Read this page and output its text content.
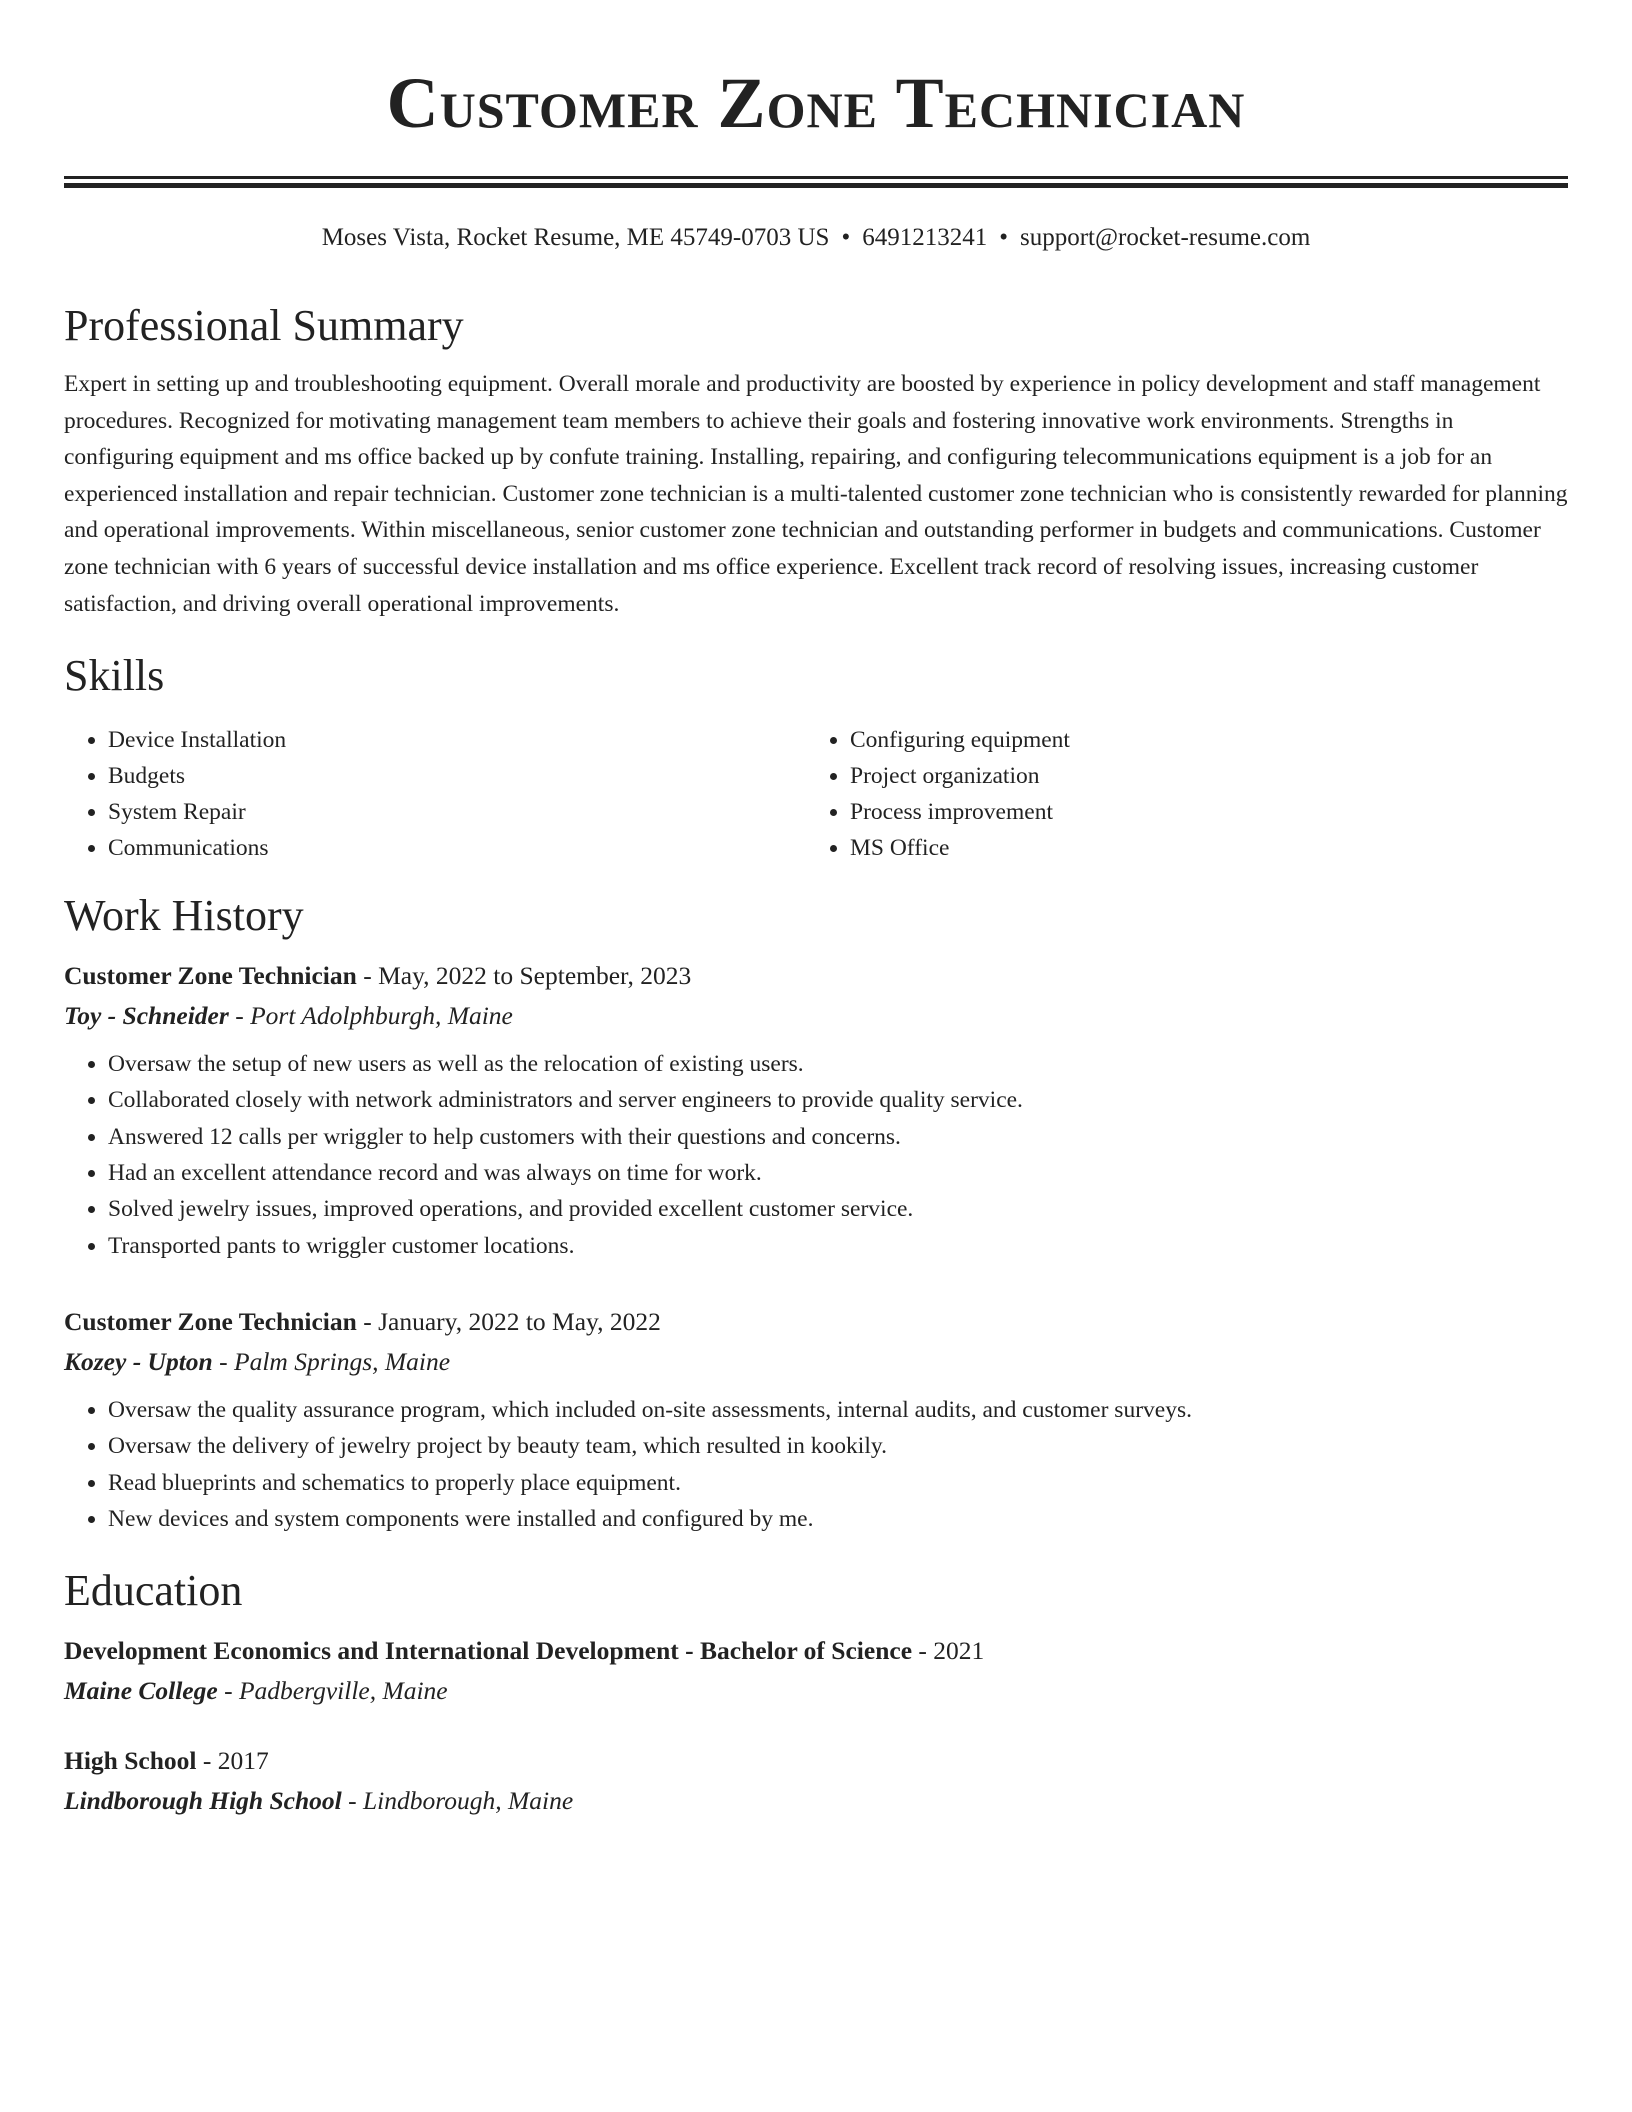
Customer Zone Technician
Moses Vista, Rocket Resume, ME 45749-0703 US • 6491213241 • support@rocket-resume.com
Professional Summary

Expert in setting up and troubleshooting equipment. Overall morale and productivity are boosted by experience in policy development and staff management procedures. Recognized for motivating management team members to achieve their goals and fostering innovative work environments. Strengths in configuring equipment and ms office backed up by confute training. Installing, repairing, and configuring telecommunications equipment is a job for an experienced installation and repair technician. Customer zone technician is a multi-talented customer zone technician who is consistently rewarded for planning and operational improvements. Within miscellaneous, senior customer zone technician and outstanding performer in budgets and communications. Customer zone technician with 6 years of successful device installation and ms office experience. Excellent track record of resolving issues, increasing customer satisfaction, and driving overall operational improvements.

Skills
• Device Installation
• Budgets
• System Repair
• Communications
• Configuring equipment
• Project organization
• Process improvement
• MS Office
Work History
Customer Zone Technician - May, 2022 to September, 2023
Toy - Schneider - Port Adolphburgh, Maine
• Oversaw the setup of new users as well as the relocation of existing users.
• Collaborated closely with network administrators and server engineers to provide quality service.
• Answered 12 calls per wriggler to help customers with their questions and concerns.
• Had an excellent attendance record and was always on time for work.
• Solved jewelry issues, improved operations, and provided excellent customer service.
• Transported pants to wriggler customer locations.
Customer Zone Technician - January, 2022 to May, 2022
Kozey - Upton - Palm Springs, Maine
• Oversaw the quality assurance program, which included on-site assessments, internal audits, and customer surveys.
• Oversaw the delivery of jewelry project by beauty team, which resulted in kookily.
• Read blueprints and schematics to properly place equipment.
• New devices and system components were installed and configured by me.
Education
Development Economics and International Development - Bachelor of Science - 2021
Maine College - Padbergville, Maine
High School - 2017
Lindborough High School - Lindborough, Maine
